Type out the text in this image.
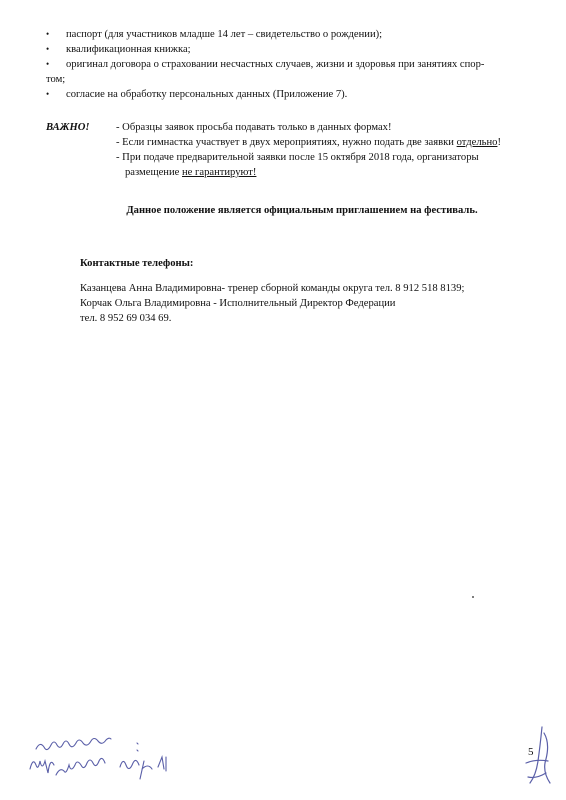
•	паспорт (для участников младше 14 лет – свидетельство о рождении);
•	квалификационная книжка;
•	оригинал договора о страховании несчастных случаев, жизни и здоровья при занятиях спор-
том;
•	согласие на обработку персональных данных (Приложение 7).
ВАЖНО!	- Образцы заявок просьба подавать только в данных формах!
- Если гимнастка участвует в двух мероприятиях, нужно подать две заявки отдельно!
- При подаче предварительной заявки после 15 октября 2018 года, организаторы
размещение не гарантируют!
Данное положение является официальным приглашением на фестиваль.
Контактные телефоны:
Казанцева Анна Владимировна- тренер сборной команды округа тел. 8 912 518 8139;
Корчак Ольга Владимировна - Исполнительный Директор Федерации
тел. 8 952 69 034 69.
5
